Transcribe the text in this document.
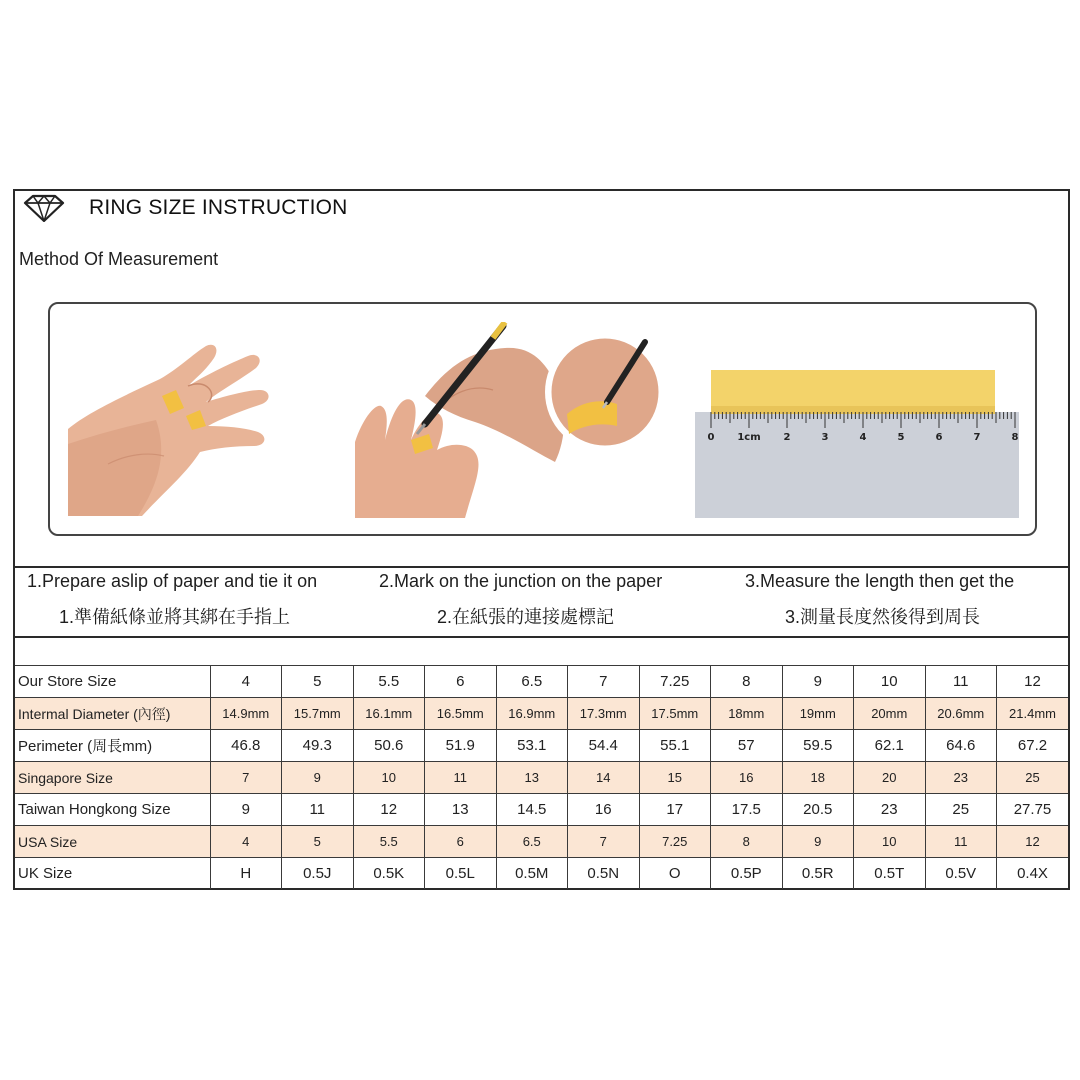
RING SIZE INSTRUCTION
Method Of Measurement
0 1cm 2	3	4	5	6	7	8
1.Prepare aslip of paper and tie it on	2.Mark on the junction on the paper	3.Measure the length then get the
1.準備紙條並將其綁在手指上	2.在紙張的連接處標記	3.測量長度然後得到周長
Our Store Size	4	5	5.5	6	6.5	7	7.25	8	9	10	11	12
Intermal Diameter (內徑)	14.9mm	15.7mm	16.1mm	16.5mm	16.9mm	17.3mm	17.5mm	18mm	19mm	20mm	20.6mm	21.4mm
Perimeter (周長mm)	46.8	49.3	50.6	51.9	53.1	54.4	55.1	57	59.5	62.1	64.6	67.2
Singapore Size	7	9	10	11	13	14	15	16	18	20	23	25
Taiwan Hongkong Size	9	11	12	13	14.5	16	17	17.5	20.5	23	25	27.75
USA Size	4	5	5.5	6	6.5	7	7.25	8	9	10	11	12
UK Size	H	0.5J	0.5K	0.5L	0.5M	0.5N	O	0.5P	0.5R	0.5T	0.5V	0.4X
